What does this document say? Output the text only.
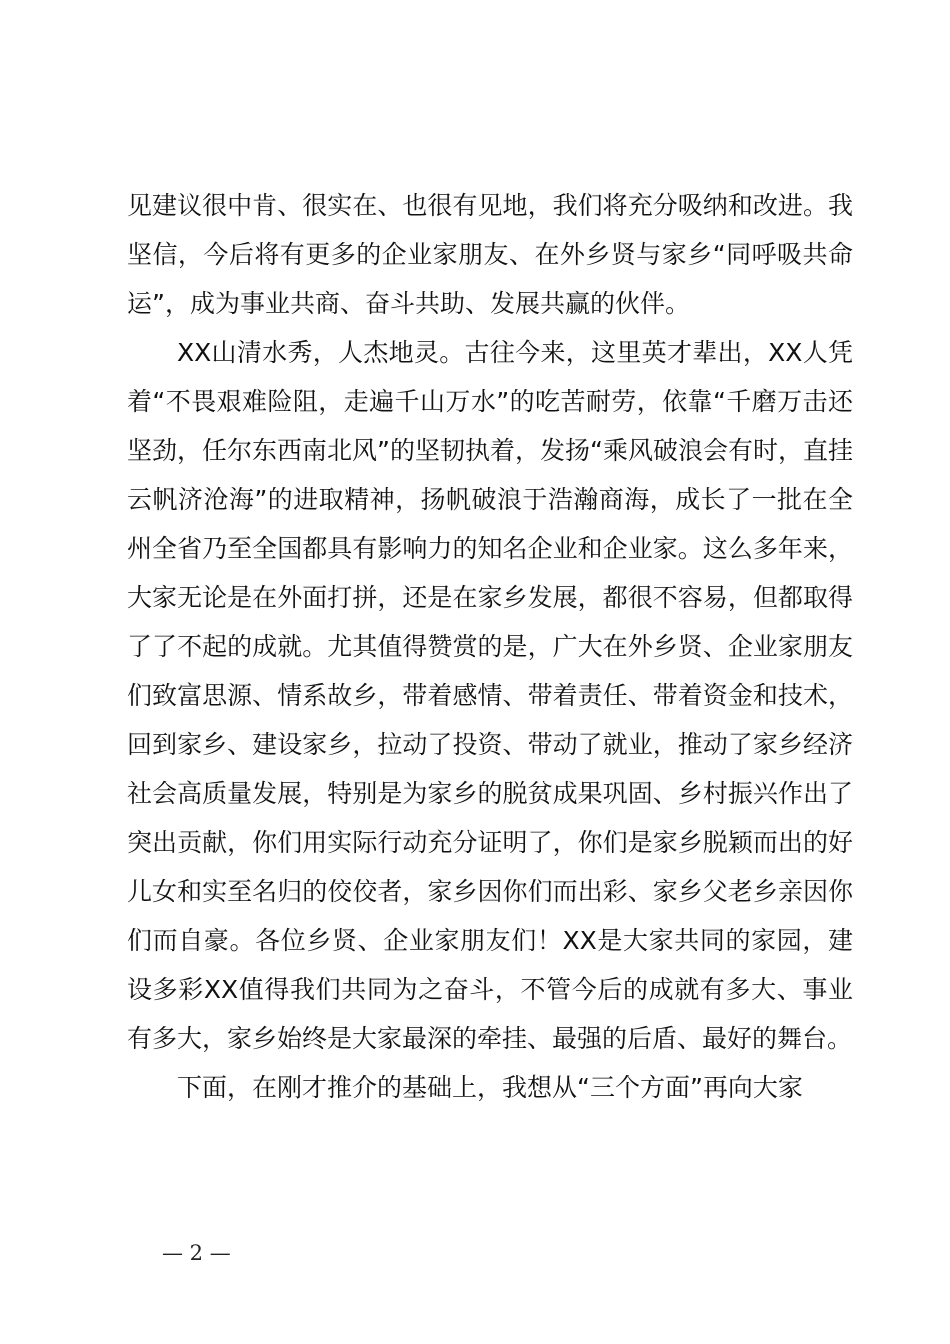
见建议很中肯、很实在、也很有见地，我们将充分吸纳和改进。我坚信，今后将有更多的企业家朋友、在外乡贤与家乡“同呼吸共命运”，成为事业共商、奋斗共助、发展共赢的伙伴。

XX山清水秀，人杰地灵。古往今来，这里英才辈出，XX人凭着“不畏艰难险阻，走遍千山万水”的吃苦耐劳，依靠“千磨万击还坚劲，任尔东西南北风”的坚韧执着，发扬“乘风破浪会有时，直挂云帆济沧海”的进取精神，扬帆破浪于浩瀚商海，成长了一批在全州全省乃至全国都具有影响力的知名企业和企业家。这么多年来，大家无论是在外面打拼，还是在家乡发展，都很不容易，但都取得了了不起的成就。尤其值得赞赏的是，广大在外乡贤、企业家朋友们致富思源、情系故乡，带着感情、带着责任、带着资金和技术，回到家乡、建设家乡，拉动了投资、带动了就业，推动了家乡经济社会高质量发展，特别是为家乡的脱贫成果巩固、乡村振兴作出了突出贡献，你们用实际行动充分证明了，你们是家乡脱颖而出的好儿女和实至名归的佼佼者，家乡因你们而出彩、家乡父老乡亲因你们而自豪。各位乡贤、企业家朋友们！XX是大家共同的家园，建设多彩XX值得我们共同为之奋斗，不管今后的成就有多大、事业有多大，家乡始终是大家最深的牵挂、最强的后盾、最好的舞台。

下面，在刚才推介的基础上，我想从“三个方面”再向大家

— 2 —
